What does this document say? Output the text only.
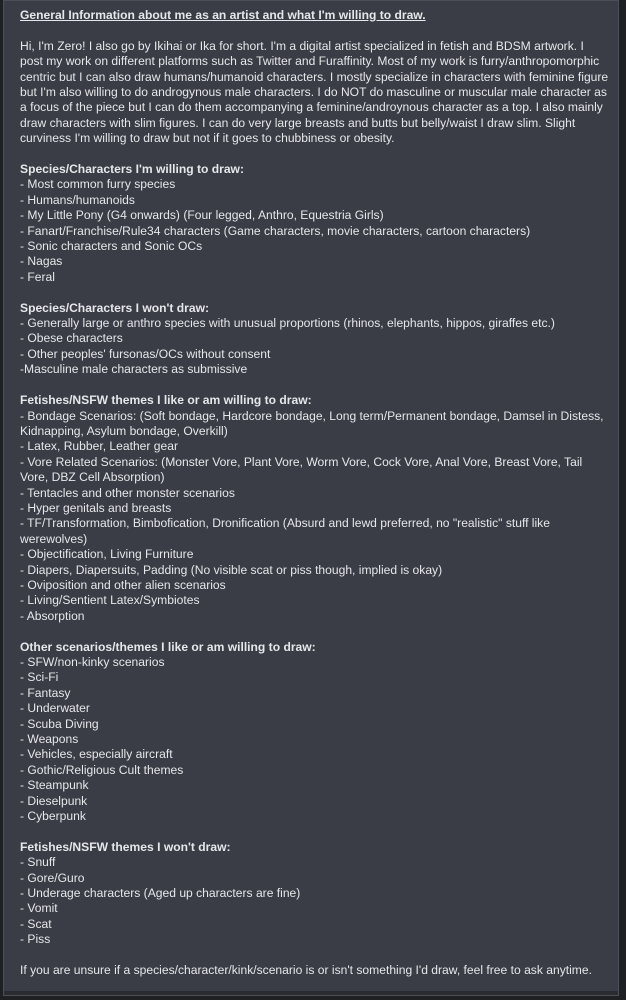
General Information about me as an artist and what I'm willing to draw.
Hi, I'm Zero! I also go by Ikihai or Ika for short. I'm a digital artist specialized in fetish and BDSM artwork. I post my work on different platforms such as Twitter and Furaffinity. Most of my work is furry/anthropomorphic centric but I can also draw humans/humanoid characters. I mostly specialize in characters with feminine figure but I'm also willing to do androgynous male characters. I do NOT do masculine or muscular male character as a focus of the piece but I can do them accompanying a feminine/androynous character as a top. I also mainly draw characters with slim figures. I can do very large breasts and butts but belly/waist I draw slim. Slight curviness I'm willing to draw but not if it goes to chubbiness or obesity.
Species/Characters I'm willing to draw:
- Most common furry species
- Humans/humanoids
- My Little Pony (G4 onwards) (Four legged, Anthro, Equestria Girls)
- Fanart/Franchise/Rule34 characters (Game characters, movie characters, cartoon characters)
- Sonic characters and Sonic OCs
- Nagas
- Feral
Species/Characters I won't draw:
- Generally large or anthro species with unusual proportions (rhinos, elephants, hippos, giraffes etc.)
- Obese characters
- Other peoples' fursonas/OCs without consent
-Masculine male characters as submissive
Fetishes/NSFW themes I like or am willing to draw:
- Bondage Scenarios: (Soft bondage, Hardcore bondage, Long term/Permanent bondage, Damsel in Distess, Kidnapping, Asylum bondage, Overkill)
- Latex, Rubber, Leather gear
- Vore Related Scenarios: (Monster Vore, Plant Vore, Worm Vore, Cock Vore, Anal Vore, Breast Vore, Tail Vore, DBZ Cell Absorption)
- Tentacles and other monster scenarios
- Hyper genitals and breasts
- TF/Transformation, Bimbofication, Dronification (Absurd and lewd preferred, no "realistic" stuff like werewolves)
- Objectification, Living Furniture
- Diapers, Diapersuits, Padding (No visible scat or piss though, implied is okay)
- Oviposition and other alien scenarios
- Living/Sentient Latex/Symbiotes
- Absorption
Other scenarios/themes I like or am willing to draw:
- SFW/non-kinky scenarios
- Sci-Fi
- Fantasy
- Underwater
- Scuba Diving
- Weapons
- Vehicles, especially aircraft
- Gothic/Religious Cult themes
- Steampunk
- Dieselpunk
- Cyberpunk
Fetishes/NSFW themes I won't draw:
- Snuff
- Gore/Guro
- Underage characters (Aged up characters are fine)
- Vomit
- Scat
- Piss
If you are unsure if a species/character/kink/scenario is or isn't something I'd draw, feel free to ask anytime.
